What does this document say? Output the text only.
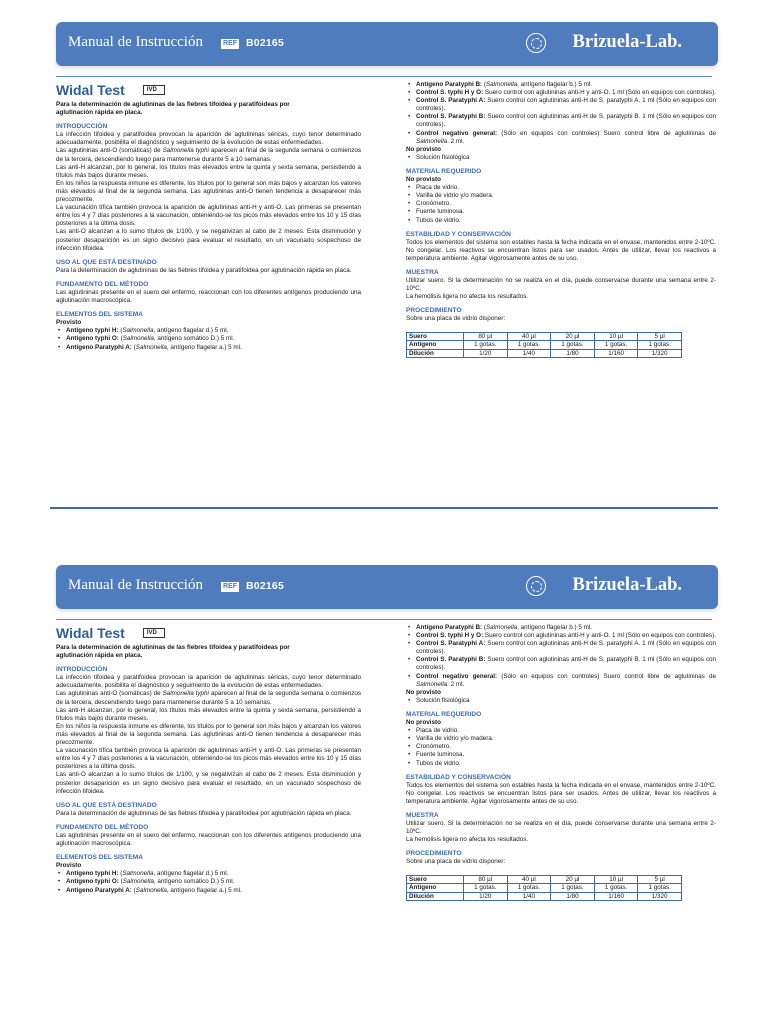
Manual de Instrucción	REF B02165	Brizuela-Lab.
Widal Test	IVD
Para la determinación de aglutininas de las fiebres tifoidea y paratifoideas por aglutinación rápida en placa.
INTRODUCCIÓN
La infección tifoidea y paratifoidea provocan la aparición de aglutininas séricas, cuyo tenor determinado adecuadamente, posibilita el diagnóstico y seguimiento de la evolución de estas enfermedades.
Las aglutininas anti-O (somáticas) de Salmonella typhi aparecen al final de la segunda semana o comienzos de la tercera, descendiendo luego para mantenerse durante 5 a 10 semanas.
Las anti-H alcanzan, por lo general, los títulos más elevados entre la quinta y sexta semana, persistiendo a títulos más bajos durante meses.
En los niños la respuesta inmune es diferente, los títulos por lo general son más bajos y alcanzan los valores más elevados al final de la segunda semana. Las aglutininas anti-O tienen tendencia a desaparecer más precozmente.
La vacunación tífica también provoca la aparición de aglutininas anti-H y anti-O. Las primeras se presentan entre los 4 y 7 días posteriores a la vacunación, obteniéndo-se los picos más elevados entre los 10 y 15 días posteriores a la última dosis.
Las anti-O alcanzan a lo sumo títulos de 1/100, y se negativizan al cabo de 2 meses. Esta disminución y posterior desaparición es un signo decisivo para evaluar el resultado, en un vacunado sospechoso de infección tifoidea.
USO AL QUE ESTÁ DESTINADO
Para la determinación de aglutininas de las fiebres tifoidea y paratifoidea por aglutinación rápida en placa.
FUNDAMENTO DEL MÉTODO
Las aglutininas presente en el suero del enfermo, reaccionan con los diferentes antígenos produciendo una aglutinación macroscópica.
ELEMENTOS DEL SISTEMA
Provisto
• Antígeno typhi H: (Salmonella, antígeno flagelar d.) 5 ml.
• Antígeno typhi O: (Salmonella, antígeno somático D.) 5 ml.
• Antígeno Paratyphi A: (Salmonella, antígeno flagelar a.) 5 ml.
• Antígeno Paratyphi B: (Salmonella, antígeno flagelar b.) 5 ml.
• Control S. typhi H y O: Suero control con aglutininas anti-H y anti-O. 1 ml (Sólo en equipos con controles).
• Control S. Paratyphi A: Suero control con aglutininas anti-H de S. paratyphi A. 1 ml (Sólo en equipos con controles).
• Control S. Paratyphi B: Suero control con aglutininas anti-H de S. paratyphi B. 1 ml (Sólo en equipos con controles).
• Control negativo general: (Sólo en equipos con controles) Suero control libre de aglutininas de Salmonella. 2 ml.
No provisto
• Solución fisiológica
MATERIAL REQUERIDO
No provisto
• Placa de vidrio.
• Varilla de vidrio y/o madera.
• Cronómetro.
• Fuente luminosa.
• Tubos de vidrio.
ESTABILIDAD Y CONSERVACIÓN
Todos los elementos del sistema son estables hasta la fecha indicada en el envase, mantenidos entre 2-10ºC. No congelar. Los reactivos se encuentran listos para ser usados. Antes de utilizar, llevar los reactivos a temperatura ambiente. Agitar vigorosamente antes de su uso.
MUESTRA
Utilizar suero. Si la determinación no se realiza en el día, puede conservarse durante una semana entre 2-10ºC.
La hemólisis ligera no afecta los resultados.
PROCEDIMIENTO
Sobre una placa de vidrio disponer:
Suero	80 µl	40 µl	20 µl	10 µl	5 µl
Antígeno	1 gotas.	1 gotas.	1 gotas.	1 gotas.	1 gotas.
Dilución	1/20	1/40	1/80	1/160	1/320
Manual de Instrucción	REF B02165	Brizuela-Lab.
Widal Test	IVD
Para la determinación de aglutininas de las fiebres tifoidea y paratifoideas por aglutinación rápida en placa.
INTRODUCCIÓN
La infección tifoidea y paratifoidea provocan la aparición de aglutininas séricas, cuyo tenor determinado adecuadamente, posibilita el diagnóstico y seguimiento de la evolución de estas enfermedades.
Las aglutininas anti-O (somáticas) de Salmonella typhi aparecen al final de la segunda semana o comienzos de la tercera, descendiendo luego para mantenerse durante 5 a 10 semanas.
Las anti-H alcanzan, por lo general, los títulos más elevados entre la quinta y sexta semana, persistiendo a títulos más bajos durante meses.
En los niños la respuesta inmune es diferente, los títulos por lo general son más bajos y alcanzan los valores más elevados al final de la segunda semana. Las aglutininas anti-O tienen tendencia a desaparecer más precozmente.
La vacunación tífica también provoca la aparición de aglutininas anti-H y anti-O. Las primeras se presentan entre los 4 y 7 días posteriores a la vacunación, obteniéndo-se los picos más elevados entre los 10 y 15 días posteriores a la última dosis.
Las anti-O alcanzan a lo sumo títulos de 1/100, y se negativizan al cabo de 2 meses. Esta disminución y posterior desaparición es un signo decisivo para evaluar el resultado, en un vacunado sospechoso de infección tifoidea.
USO AL QUE ESTÁ DESTINADO
Para la determinación de aglutininas de las fiebres tifoidea y paratifoidea por aglutinación rápida en placa.
FUNDAMENTO DEL MÉTODO
Las aglutininas presente en el suero del enfermo, reaccionan con los diferentes antígenos produciendo una aglutinación macroscópica.
ELEMENTOS DEL SISTEMA
Provisto
• Antígeno typhi H: (Salmonella, antígeno flagelar d.) 5 ml.
• Antígeno typhi O: (Salmonella, antígeno somático D.) 5 ml.
• Antígeno Paratyphi A: (Salmonella, antígeno flagelar a.) 5 ml.
• Antígeno Paratyphi B: (Salmonella, antígeno flagelar b.) 5 ml.
• Control S. typhi H y O: Suero control con aglutininas anti-H y anti-O. 1 ml (Sólo en equipos con controles).
• Control S. Paratyphi A: Suero control con aglutininas anti-H de S. paratyphi A. 1 ml (Sólo en equipos con controles).
• Control S. Paratyphi B: Suero control con aglutininas anti-H de S. paratyphi B. 1 ml (Sólo en equipos con controles).
• Control negativo general: (Sólo en equipos con controles) Suero control libre de aglutininas de Salmonella. 2 ml.
No provisto
• Solución fisiológica
MATERIAL REQUERIDO
No provisto
• Placa de vidrio.
• Varilla de vidrio y/o madera.
• Cronómetro.
• Fuente luminosa.
• Tubos de vidrio.
ESTABILIDAD Y CONSERVACIÓN
Todos los elementos del sistema son estables hasta la fecha indicada en el envase, mantenidos entre 2-10ºC. No congelar. Los reactivos se encuentran listos para ser usados. Antes de utilizar, llevar los reactivos a temperatura ambiente. Agitar vigorosamente antes de su uso.
MUESTRA
Utilizar suero. Si la determinación no se realiza en el día, puede conservarse durante una semana entre 2-10ºC.
La hemólisis ligera no afecta los resultados.
PROCEDIMIENTO
Sobre una placa de vidrio disponer:
Suero	80 µl	40 µl	20 µl	10 µl	5 µl
Antígeno	1 gotas.	1 gotas.	1 gotas.	1 gotas.	1 gotas.
Dilución	1/20	1/40	1/80	1/160	1/320
